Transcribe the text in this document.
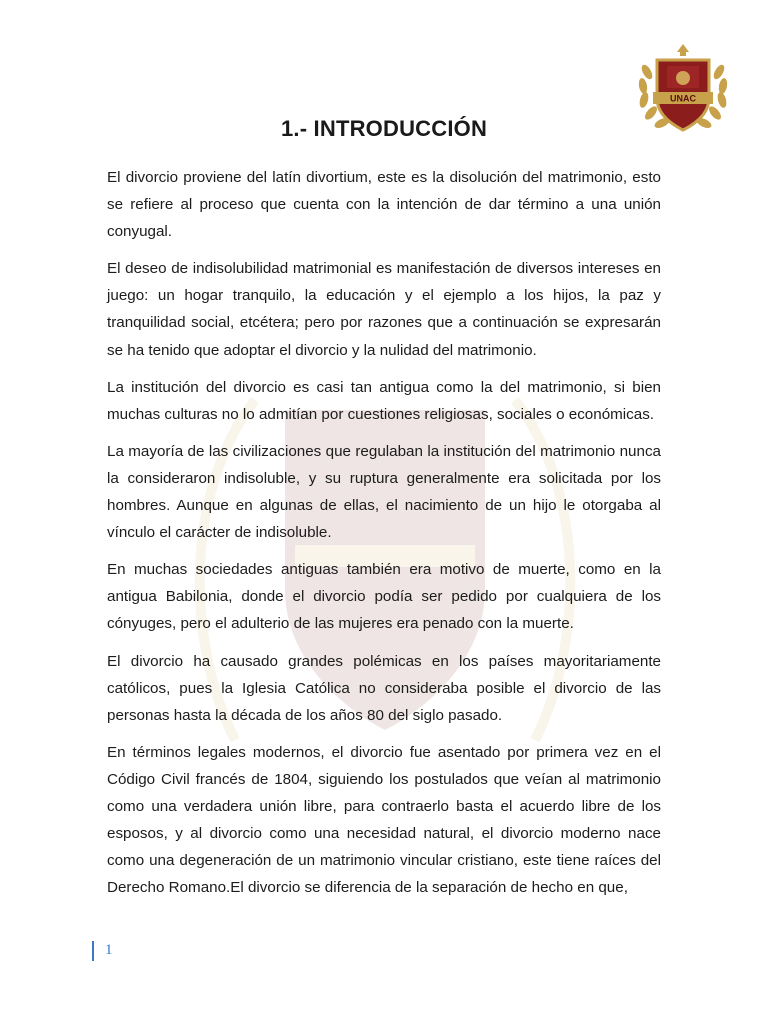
UNAC
1.- INTRODUCCIÓN

El divorcio proviene del latín divortium, este es la disolución del matrimonio, esto se refiere al proceso que cuenta con la intención de dar término a una unión conyugal.

El deseo de indisolubilidad matrimonial es manifestación de diversos intereses en juego: un hogar tranquilo, la educación y el ejemplo a los hijos, la paz y tranquilidad social, etcétera; pero por razones que a continuación se expresarán se ha tenido que adoptar el divorcio y la nulidad del matrimonio.

La institución del divorcio es casi tan antigua como la del matrimonio, si bien muchas culturas no lo admitían por cuestiones religiosas, sociales o económicas.

La mayoría de las civilizaciones que regulaban la institución del matrimonio nunca la consideraron indisoluble, y su ruptura generalmente era solicitada por los hombres. Aunque en algunas de ellas, el nacimiento de un hijo le otorgaba al vínculo el carácter de indisoluble.

En muchas sociedades antiguas también era motivo de muerte, como en la antigua Babilonia, donde el divorcio podía ser pedido por cualquiera de los cónyuges, pero el adulterio de las mujeres era penado con la muerte.

El divorcio ha causado grandes polémicas en los países mayoritariamente católicos, pues la Iglesia Católica no consideraba posible el divorcio de las personas hasta la década de los años 80 del siglo pasado.

En términos legales modernos, el divorcio fue asentado por primera vez en el Código Civil francés de 1804, siguiendo los postulados que veían al matrimonio como una verdadera unión libre, para contraerlo basta el acuerdo libre de los esposos, y al divorcio como una necesidad natural, el divorcio moderno nace como una degeneración de un matrimonio vincular cristiano, este tiene raíces del Derecho Romano.El divorcio se diferencia de la separación de hecho en que,

1
